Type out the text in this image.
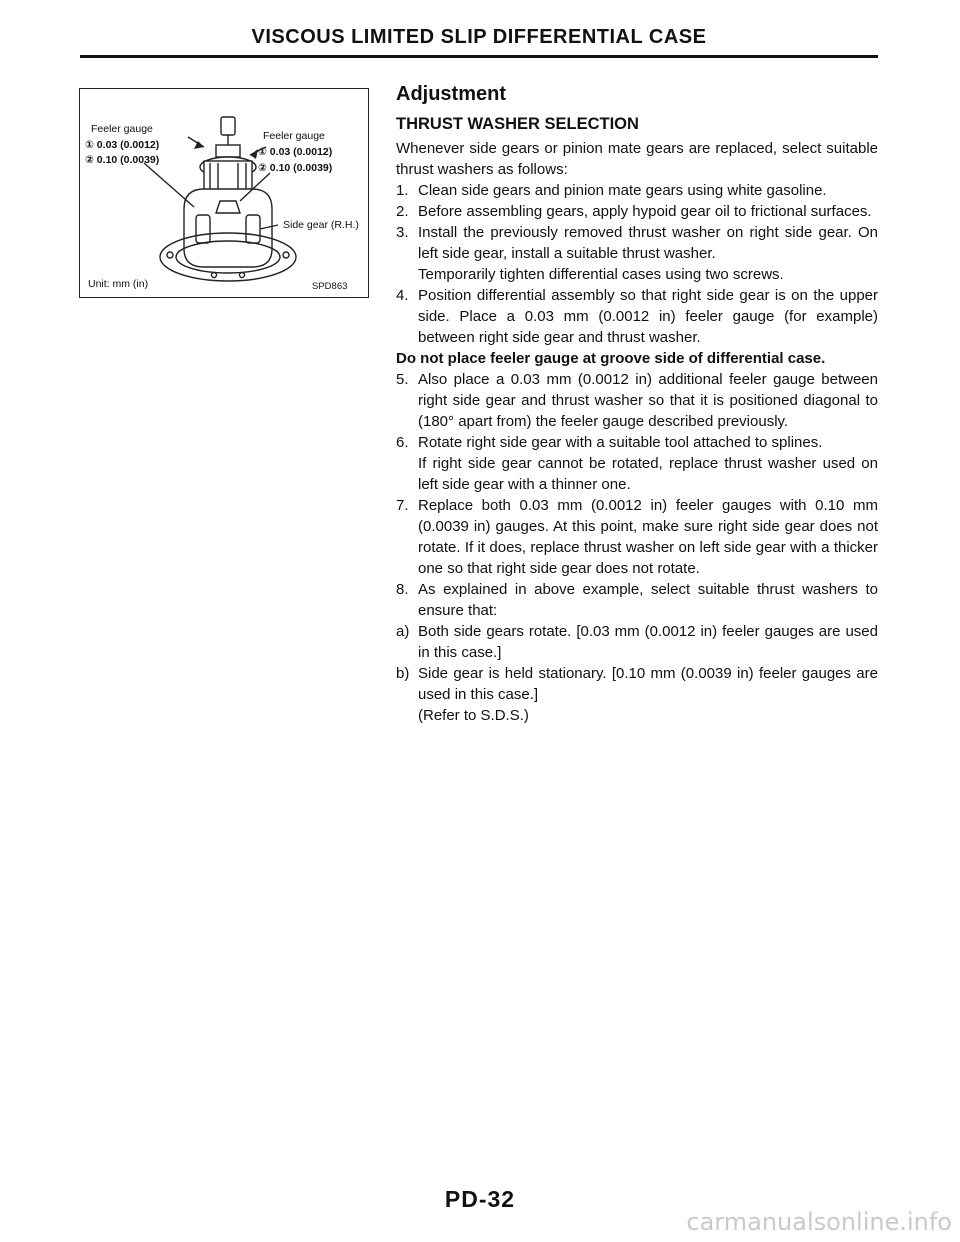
VISCOUS LIMITED SLIP DIFFERENTIAL CASE
Feeler gauge
① 0.03 (0.0012)
② 0.10 (0.0039)
Feeler gauge
① 0.03 (0.0012)
② 0.10 (0.0039)
Side gear (R.H.)
Unit: mm (in)	SPD863
Adjustment
THRUST WASHER SELECTION

Whenever side gears or pinion mate gears are replaced, select suitable thrust washers as follows:

1. Clean side gears and pinion mate gears using white gasoline.
2. Before assembling gears, apply hypoid gear oil to frictional surfaces.
3. Install the previously removed thrust washer on right side gear. On left side gear, install a suitable thrust washer.
Temporarily tighten differential cases using two screws.
4. Position differential assembly so that right side gear is on the upper side. Place a 0.03 mm (0.0012 in) feeler gauge (for example) between right side gear and thrust washer.

Do not place feeler gauge at groove side of differential case.

5. Also place a 0.03 mm (0.0012 in) additional feeler gauge between right side gear and thrust washer so that it is positioned diagonal to (180° apart from) the feeler gauge described previously.
6. Rotate right side gear with a suitable tool attached to splines.
If right side gear cannot be rotated, replace thrust washer used on left side gear with a thinner one.
7. Replace both 0.03 mm (0.0012 in) feeler gauges with 0.10 mm (0.0039 in) gauges. At this point, make sure right side gear does not rotate. If it does, replace thrust washer on left side gear with a thicker one so that right side gear does not rotate.
8. As explained in above example, select suitable thrust washers to ensure that:
a) Both side gears rotate. [0.03 mm (0.0012 in) feeler gauges are used in this case.]
b) Side gear is held stationary. [0.10 mm (0.0039 in) feeler gauges are used in this case.]
(Refer to S.D.S.)
PD-32
carmanualsonline.info
